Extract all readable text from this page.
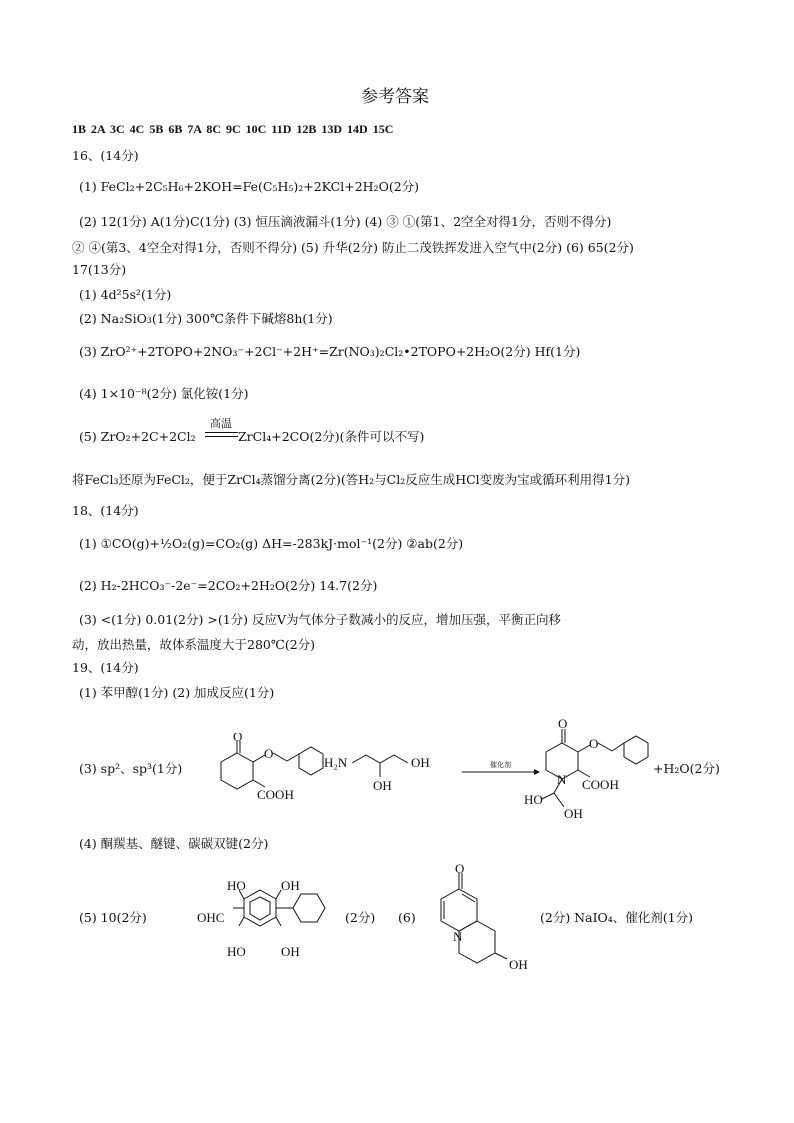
参考答案
1B 2A 3C 4C 5B 6B 7A 8C 9C 10C 11D 12B 13D 14D 15C
16、(14分)
(1) FeCl₂+2C₅H₆+2KOH=Fe(C₅H₅)₂+2KCl+2H₂O(2分)
(2) 12(1分) A(1分)C(1分) (3) 恒压滴液漏斗(1分) (4) ③ ①(第1、2空全对得1分，否则不得分)
② ④(第3、4空全对得1分，否则不得分) (5) 升华(2分) 防止二茂铁挥发进入空气中(2分) (6) 65(2分)
17(13分)
(1) 4d²5s²(1分)
(2) Na₂SiO₃(1分) 300℃条件下碱熔8h(1分)
(3) ZrO²⁺+2TOPO+2NO₃⁻+2Cl⁻+2H⁺=Zr(NO₃)₂Cl₂•2TOPO+2H₂O(2分) Hf(1分)
(4) 1×10⁻⁸(2分) 氯化铵(1分)
(5) ZrO₂+2C+2Cl₂
高温
ZrCl₄+2CO(2分)(条件可以不写)
将FeCl₃还原为FeCl₂，便于ZrCl₄蒸馏分离(2分)(答H₂与Cl₂反应生成HCl变废为宝或循环利用得1分)
18、(14分)
(1) ①CO(g)+½O₂(g)=CO₂(g) ΔH=-283kJ·mol⁻¹(2分) ②ab(2分)
(2) H₂-2HCO₃⁻-2e⁻=2CO₂+2H₂O(2分) 14.7(2分)
(3) <(1分) 0.01(2分) >(1分) 反应V为气体分子数减小的反应，增加压强，平衡正向移
动，放出热量，故体系温度大于280℃(2分)
19、(14分)
(1) 苯甲醇(1分) (2) 加成反应(1分)
(3) sp²、sp³(1分)
O
O
COOH
H₂N	OH
OH
催化剂
O
O
N COOH
HO
OH
+H₂O(2分)
(4) 酮羰基、醚键、碳碳双键(2分)
(5) 10(2分)
HO	OH
OHC
HO	OH
(2分) (6)
O
N
OH
(2分) NaIO₄、催化剂(1分)
